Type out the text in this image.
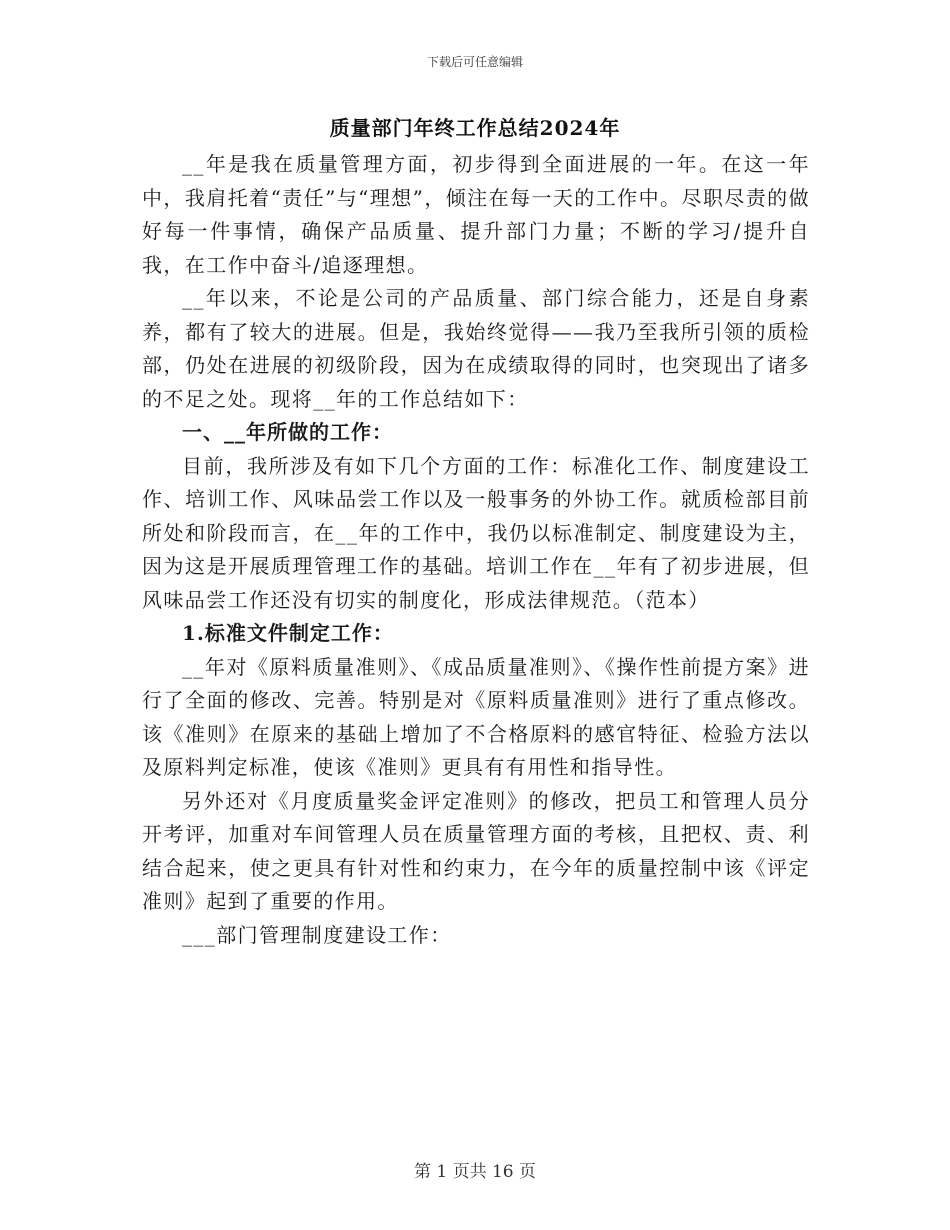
下载后可任意编辑
质量部门年终工作总结2024年

__年是我在质量管理方面，初步得到全面进展的一年。在这一年中，我肩托着“责任”与“理想”，倾注在每一天的工作中。尽职尽责的做好每一件事情，确保产品质量、提升部门力量；不断的学习/提升自我，在工作中奋斗/追逐理想。

__年以来，不论是公司的产品质量、部门综合能力，还是自身素养，都有了较大的进展。但是，我始终觉得——我乃至我所引领的质检部，仍处在进展的初级阶段，因为在成绩取得的同时，也突现出了诸多的不足之处。现将__年的工作总结如下：

一、__年所做的工作：

目前，我所涉及有如下几个方面的工作：标准化工作、制度建设工作、培训工作、风味品尝工作以及一般事务的外协工作。就质检部目前所处和阶段而言，在__年的工作中，我仍以标准制定、制度建设为主，因为这是开展质理管理工作的基础。培训工作在__年有了初步进展，但风味品尝工作还没有切实的制度化，形成法律规范。（范本）

1.标准文件制定工作：

__年对《原料质量准则》、《成品质量准则》、《操作性前提方案》进行了全面的修改、完善。特别是对《原料质量准则》进行了重点修改。该《准则》在原来的基础上增加了不合格原料的感官特征、检验方法以及原料判定标准，使该《准则》更具有有用性和指导性。

另外还对《月度质量奖金评定准则》的修改，把员工和管理人员分开考评，加重对车间管理人员在质量管理方面的考核，且把权、责、利结合起来，使之更具有针对性和约束力，在今年的质量控制中该《评定准则》起到了重要的作用。

___部门管理制度建设工作：

第 1 页共 16 页
